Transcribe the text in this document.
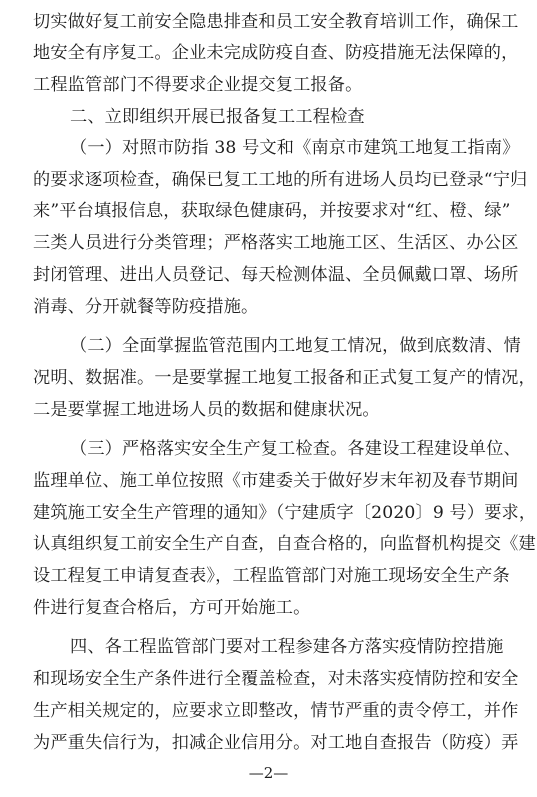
切实做好复工前安全隐患排查和员工安全教育培训工作，确保工
地安全有序复工。企业未完成防疫自查、防疫措施无法保障的，
工程监管部门不得要求企业提交复工报备。
二、立即组织开展已报备复工工程检查
（一）对照市防指 38 号文和《南京市建筑工地复工指南》
的要求逐项检查，确保已复工工地的所有进场人员均已登录“宁归
来”平台填报信息，获取绿色健康码，并按要求对“红、橙、绿”
三类人员进行分类管理；严格落实工地施工区、生活区、办公区
封闭管理、进出人员登记、每天检测体温、全员佩戴口罩、场所
消毒、分开就餐等防疫措施。
（二）全面掌握监管范围内工地复工情况，做到底数清、情
况明、数据准。一是要掌握工地复工报备和正式复工复产的情况，
二是要掌握工地进场人员的数据和健康状况。
（三）严格落实安全生产复工检查。各建设工程建设单位、
监理单位、施工单位按照《市建委关于做好岁末年初及春节期间
建筑施工安全生产管理的通知》（宁建质字〔2020〕9 号）要求，
认真组织复工前安全生产自查，自查合格的，向监督机构提交《建
设工程复工申请复查表》，工程监管部门对施工现场安全生产条
件进行复查合格后，方可开始施工。
四、各工程监管部门要对工程参建各方落实疫情防控措施
和现场安全生产条件进行全覆盖检查，对未落实疫情防控和安全
生产相关规定的，应要求立即整改，情节严重的责令停工，并作
为严重失信行为，扣减企业信用分。对工地自查报告（防疫）弄
—2—
